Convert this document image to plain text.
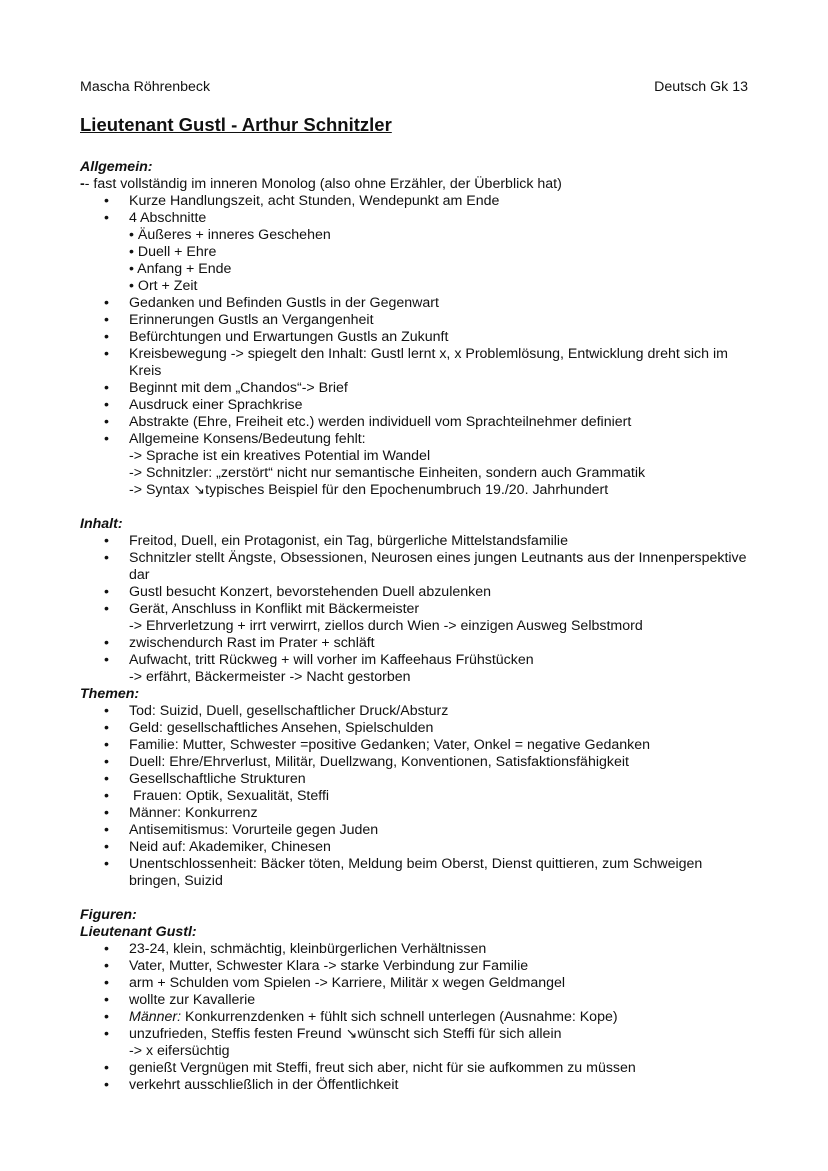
Mascha Röhrenbeck	Deutsch Gk 13
Lieutenant Gustl - Arthur Schnitzler
Allgemein:
-- fast vollständig im inneren Monolog (also ohne Erzähler, der Überblick hat)
• Kurze Handlungszeit, acht Stunden, Wendepunkt am Ende
• 4 Abschnitte
• Äußeres + inneres Geschehen
• Duell + Ehre
• Anfang + Ende
• Ort + Zeit
• Gedanken und Befinden Gustls in der Gegenwart
• Erinnerungen Gustls an Vergangenheit
• Befürchtungen und Erwartungen Gustls an Zukunft
• Kreisbewegung -> spiegelt den Inhalt: Gustl lernt x, x Problemlösung, Entwicklung dreht sich im Kreis
• Beginnt mit dem „Chandos“-> Brief
• Ausdruck einer Sprachkrise
• Abstrakte (Ehre, Freiheit etc.) werden individuell vom Sprachteilnehmer definiert
• Allgemeine Konsens/Bedeutung fehlt:
-> Sprache ist ein kreatives Potential im Wandel
-> Schnitzler: „zerstört“ nicht nur semantische Einheiten, sondern auch Grammatik
-> Syntax ↘typisches Beispiel für den Epochenumbruch 19./20. Jahrhundert
Inhalt:
• Freitod, Duell, ein Protagonist, ein Tag, bürgerliche Mittelstandsfamilie
• Schnitzler stellt Ängste, Obsessionen, Neurosen eines jungen Leutnants aus der Innenperspektive dar
• Gustl besucht Konzert, bevorstehenden Duell abzulenken
• Gerät, Anschluss in Konflikt mit Bäckermeister
-> Ehrverletzung + irrt verwirrt, ziellos durch Wien -> einzigen Ausweg Selbstmord
• zwischendurch Rast im Prater + schläft
• Aufwacht, tritt Rückweg + will vorher im Kaffeehaus Frühstücken
-> erfährt, Bäckermeister -> Nacht gestorben
Themen:
• Tod: Suizid, Duell, gesellschaftlicher Druck/Absturz
• Geld: gesellschaftliches Ansehen, Spielschulden
• Familie: Mutter, Schwester =positive Gedanken; Vater, Onkel = negative Gedanken
• Duell: Ehre/Ehrverlust, Militär, Duellzwang, Konventionen, Satisfaktionsfähigkeit
• Gesellschaftliche Strukturen
•  Frauen: Optik, Sexualität, Steffi
• Männer: Konkurrenz
• Antisemitismus: Vorurteile gegen Juden
• Neid auf: Akademiker, Chinesen
• Unentschlossenheit: Bäcker töten, Meldung beim Oberst, Dienst quittieren, zum Schweigen bringen, Suizid
Figuren:
Lieutenant Gustl:
• 23-24, klein, schmächtig, kleinbürgerlichen Verhältnissen
• Vater, Mutter, Schwester Klara -> starke Verbindung zur Familie
• arm + Schulden vom Spielen -> Karriere, Militär x wegen Geldmangel
• wollte zur Kavallerie
• Männer: Konkurrenzdenken + fühlt sich schnell unterlegen (Ausnahme: Kope)
• unzufrieden, Steffis festen Freund ↘wünscht sich Steffi für sich allein
-> x eifersüchtig
• genießt Vergnügen mit Steffi, freut sich aber, nicht für sie aufkommen zu müssen
• verkehrt ausschließlich in der Öffentlichkeit
